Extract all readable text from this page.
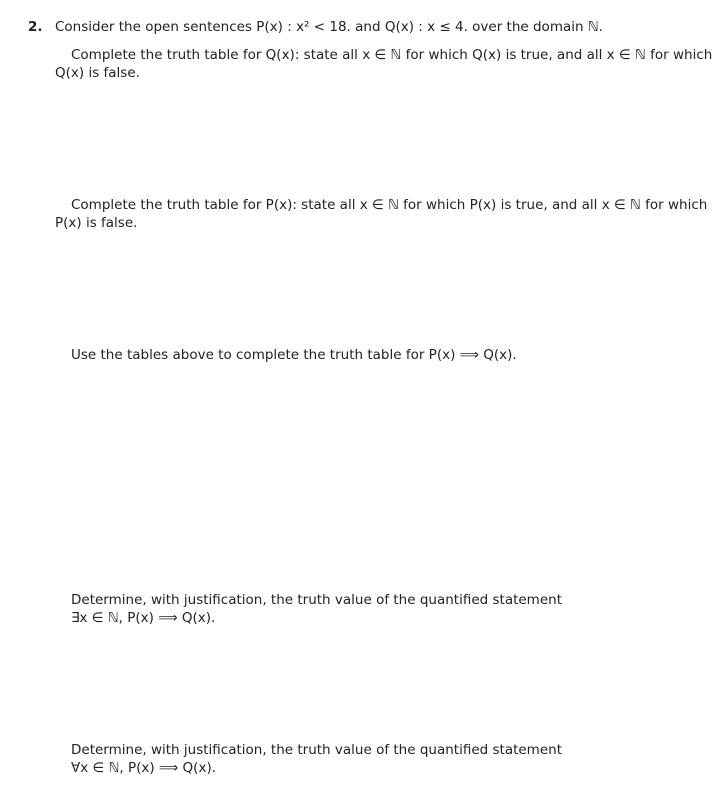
2. Consider the open sentences P(x) : x² < 18. and Q(x) : x ≤ 4. over the domain ℕ.
Complete the truth table for Q(x): state all x ∈ ℕ for which Q(x) is true, and all x ∈ ℕ for which
Q(x) is false.
Complete the truth table for P(x): state all x ∈ ℕ for which P(x) is true, and all x ∈ ℕ for which
P(x) is false.
Use the tables above to complete the truth table for P(x) ⟹ Q(x).
Determine, with justification, the truth value of the quantified statement
∃x ∈ ℕ, P(x) ⟹ Q(x).
Determine, with justification, the truth value of the quantified statement
∀x ∈ ℕ, P(x) ⟹ Q(x).
